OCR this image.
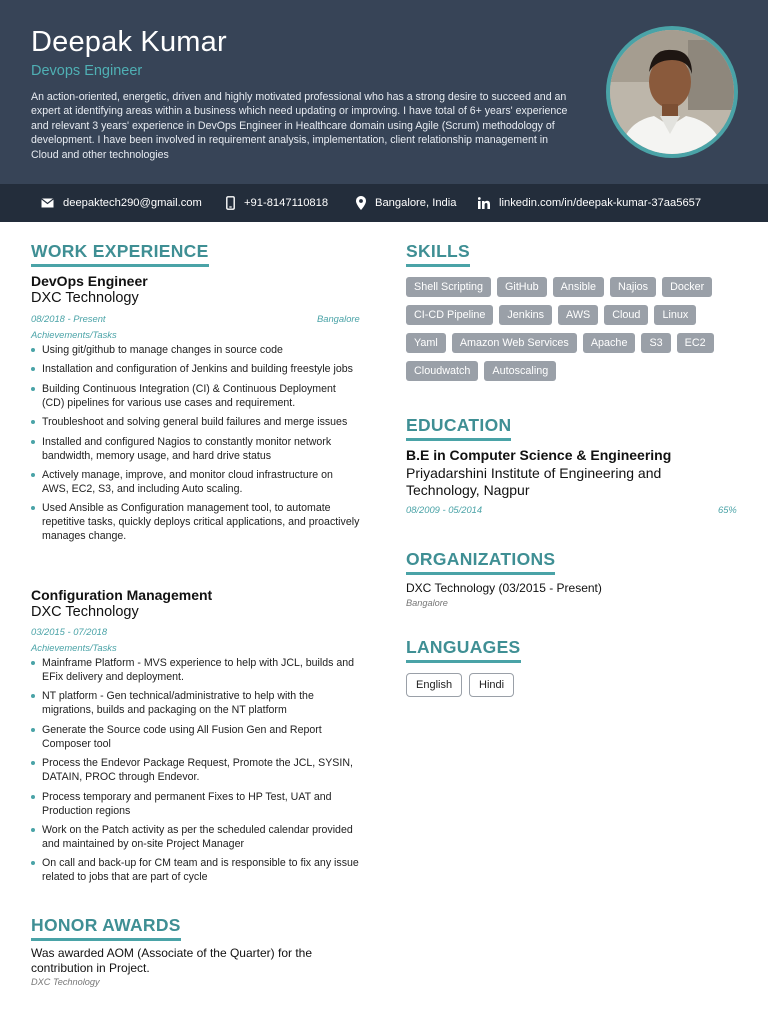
Deepak Kumar
Devops Engineer
An action-oriented, energetic, driven and highly motivated professional who has a strong desire to succeed and an expert at identifying areas within a business which need updating or improving. I have total of 6+ years' experience and relevant 3 years' experience in DevOps Engineer in Healthcare domain using Agile (Scrum) methodology of development. I have been involved in requirement analysis, implementation, client relationship management in Cloud and other technologies
deepaktech290@gmail.com	+91-8147110818	Bangalore, India	linkedin.com/in/deepak-kumar-37aa5657
WORK EXPERIENCE
DevOps Engineer
DXC Technology
08/2018 - Present	Bangalore
Achievements/Tasks
Using git/github to manage changes in source code
Installation and configuration of Jenkins and building freestyle jobs
Building Continuous Integration (CI) & Continuous Deployment (CD) pipelines for various use cases and requirement.
Troubleshoot and solving general build failures and merge issues
Installed and configured Nagios to constantly monitor network bandwidth, memory usage, and hard drive status
Actively manage, improve, and monitor cloud infrastructure on AWS, EC2, S3, and including Auto scaling.
Used Ansible as Configuration management tool, to automate repetitive tasks, quickly deploys critical applications, and proactively manages change.
Configuration Management
DXC Technology
03/2015 - 07/2018
Achievements/Tasks
Mainframe Platform - MVS experience to help with JCL, builds and EFix delivery and deployment.
NT platform - Gen technical/administrative to help with the migrations, builds and packaging on the NT platform
Generate the Source code using All Fusion Gen and Report Composer tool
Process the Endevor Package Request, Promote the JCL, SYSIN, DATAIN, PROC through Endevor.
Process temporary and permanent Fixes to HP Test, UAT and Production regions
Work on the Patch activity as per the scheduled calendar provided and maintained by on-site Project Manager
On call and back-up for CM team and is responsible to fix any issue related to jobs that are part of cycle
HONOR AWARDS
Was awarded AOM (Associate of the Quarter) for the contribution in Project.
DXC Technology
SKILLS
Shell Scripting	GitHub	Ansible	Najios	Docker
CI-CD Pipeline	Jenkins	AWS	Cloud	Linux
Yaml	Amazon Web Services	Apache	S3	EC2
Cloudwatch	Autoscaling
EDUCATION
B.E in Computer Science & Engineering
Priyadarshini Institute of Engineering and Technology, Nagpur
08/2009 - 05/2014	65%
ORGANIZATIONS
DXC Technology (03/2015 - Present)
Bangalore
LANGUAGES
English	Hindi
